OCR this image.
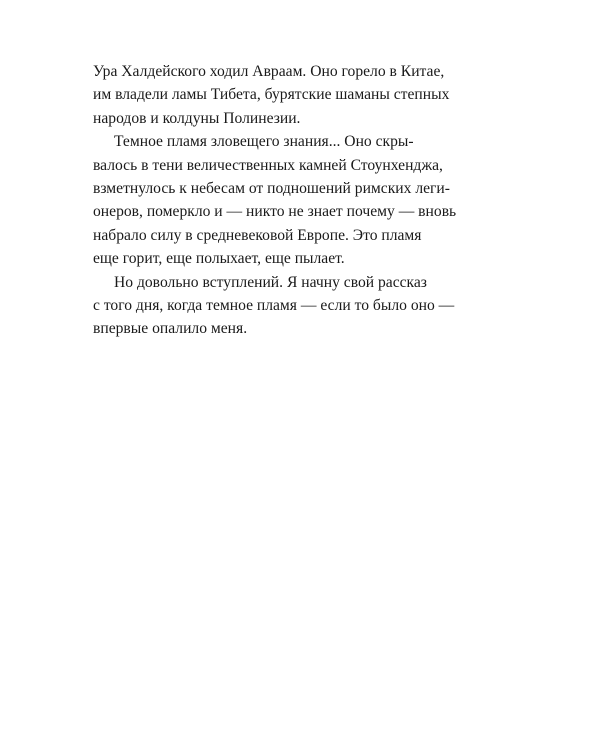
Ура Халдейского ходил Авраам. Оно горело в Китае,
им владели ламы Тибета, бурятские шаманы степных
народов и колдуны Полинезии.
Темное пламя зловещего знания... Оно скры-
валось в тени величественных камней Стоунхенджа,
взметнулось к небесам от подношений римских леги-
онеров, померкло и — никто не знает почему — вновь
набрало силу в средневековой Европе. Это пламя
еще горит, еще полыхает, еще пылает.
Но довольно вступлений. Я начну свой рассказ
с того дня, когда темное пламя — если то было оно —
впервые опалило меня.
